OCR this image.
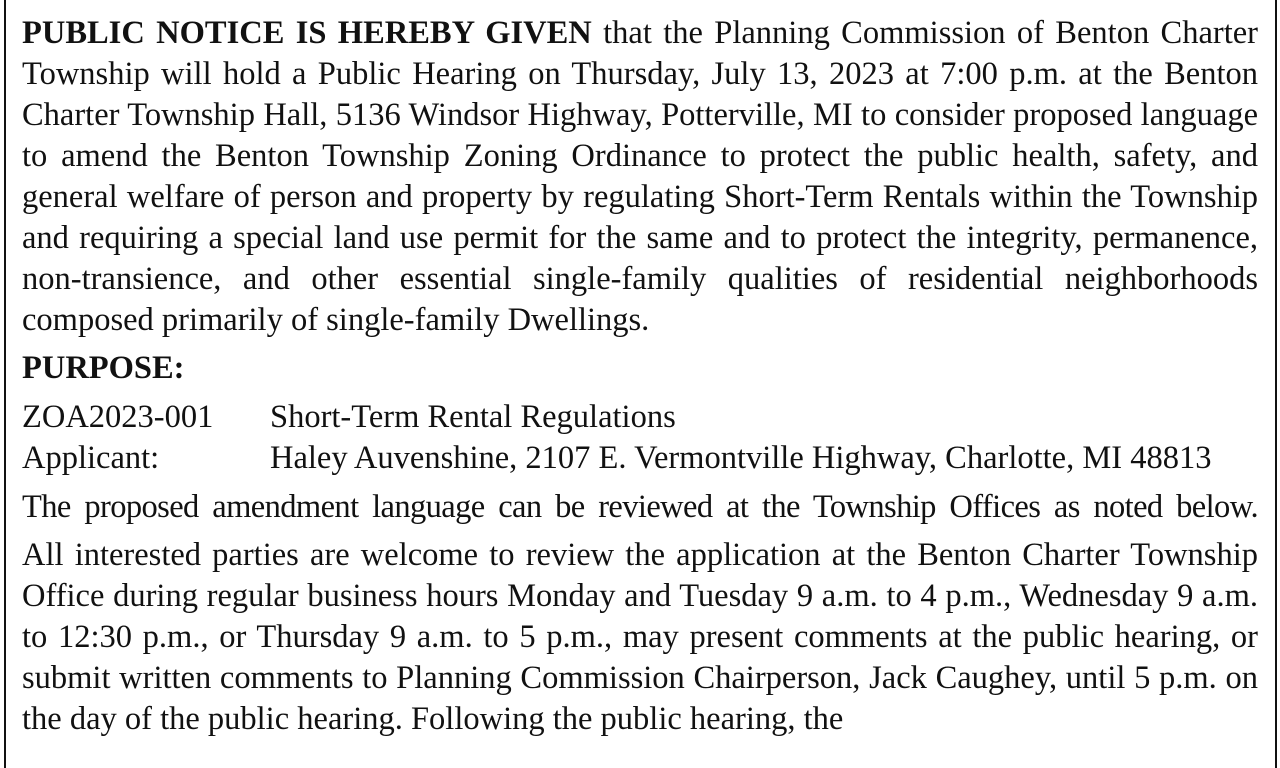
PUBLIC NOTICE IS HEREBY GIVEN that the Planning Commission of Benton Charter Township will hold a Public Hearing on Thursday, July 13, 2023 at 7:00 p.m. at the Benton Charter Township Hall, 5136 Windsor Highway, Potterville, MI to consider proposed language to amend the Benton Township Zoning Ordinance to protect the public health, safety, and general welfare of person and property by regulating Short-Term Rentals within the Township and requiring a special land use permit for the same and to protect the integrity, permanence, non-transience, and other essential single-family qualities of residential neighborhoods composed primarily of single-family Dwellings.

PURPOSE:

ZOA2023-001	Short-Term Rental Regulations
Applicant:	Haley Auvenshine, 2107 E. Vermontville Highway, Charlotte, MI 48813

The proposed amendment language can be reviewed at the Township Offices as noted below.

All interested parties are welcome to review the application at the Benton Charter Township Office during regular business hours Monday and Tuesday 9 a.m. to 4 p.m., Wednesday 9 a.m. to 12:30 p.m., or Thursday 9 a.m. to 5 p.m., may present comments at the public hearing, or submit written comments to Planning Commission Chairperson, Jack Caughey, until 5 p.m. on the day of the public hearing. Following the public hearing, the
